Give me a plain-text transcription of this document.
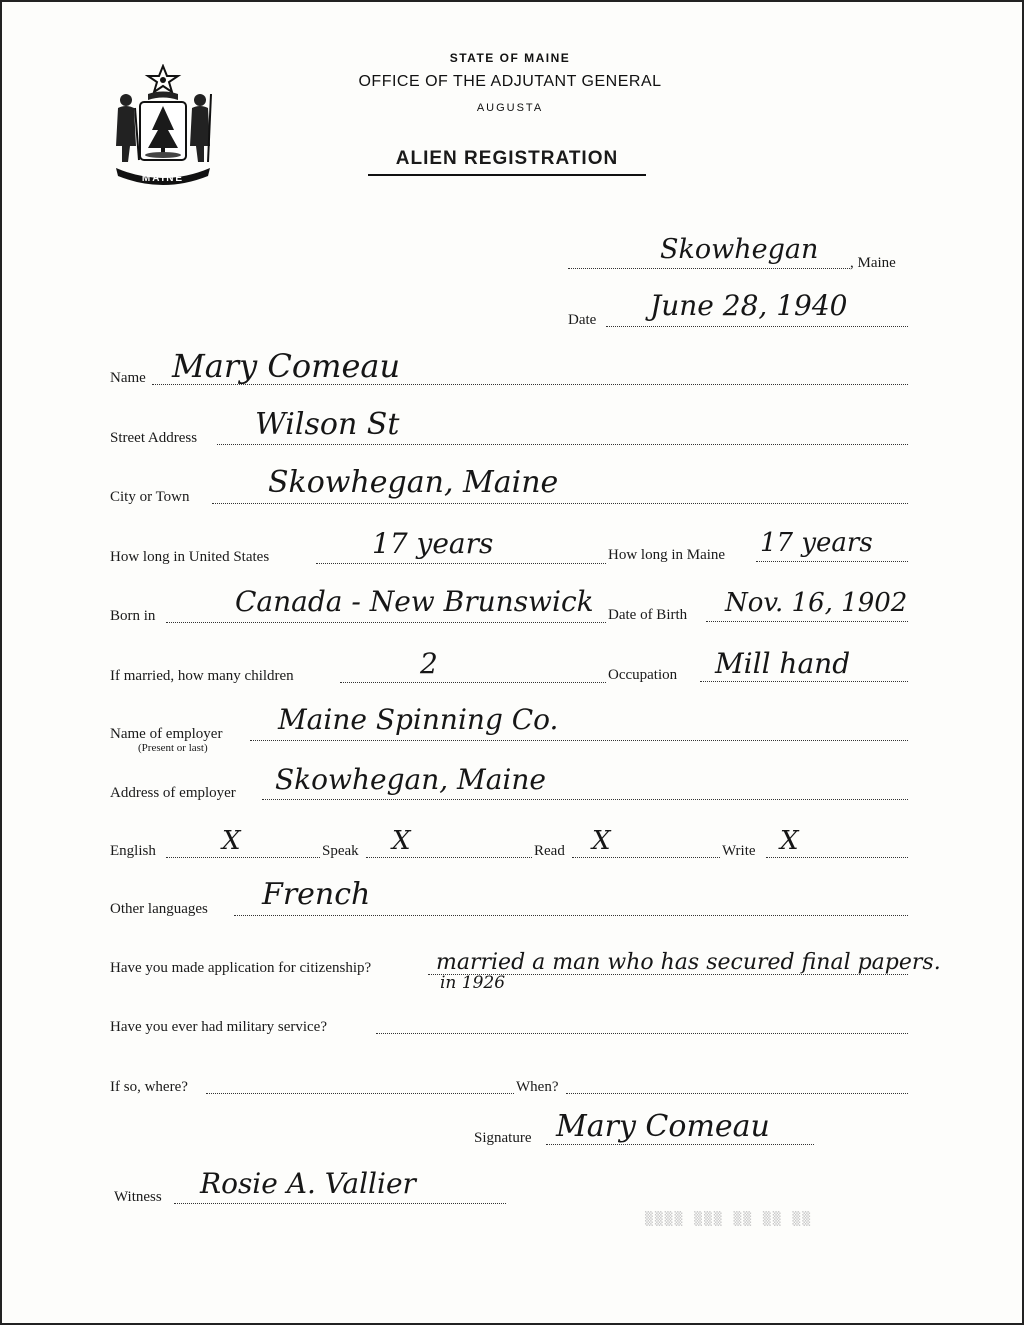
MAINE
STATE OF MAINE
OFFICE OF THE ADJUTANT GENERAL
AUGUSTA
ALIEN REGISTRATION
Skowhegan , Maine
Date June 28, 1940
Name Mary Comeau
Street Address Wilson St
City or Town	Skowhegan, Maine
How long in United States	17 years	How long in Maine 17 years
Born in	Canada - New Brunswick Date of Birth Nov. 16, 1902
If married, how many children	2	Occupation Mill hand
Name of employer
(Present or last)
Maine Spinning Co.
Address of employer Skowhegan, Maine
English	X	Speak X	Read X	Write X
Other languages French
Have you made application for citizenship?	married a man who has secured final papers.
in 1926
Have you ever had military service?
If so, where?	When?
Signature Mary Comeau
Witness Rosie A. Vallier
▒▒▒▒ ▒▒▒ ▒▒ ▒▒ ▒▒
